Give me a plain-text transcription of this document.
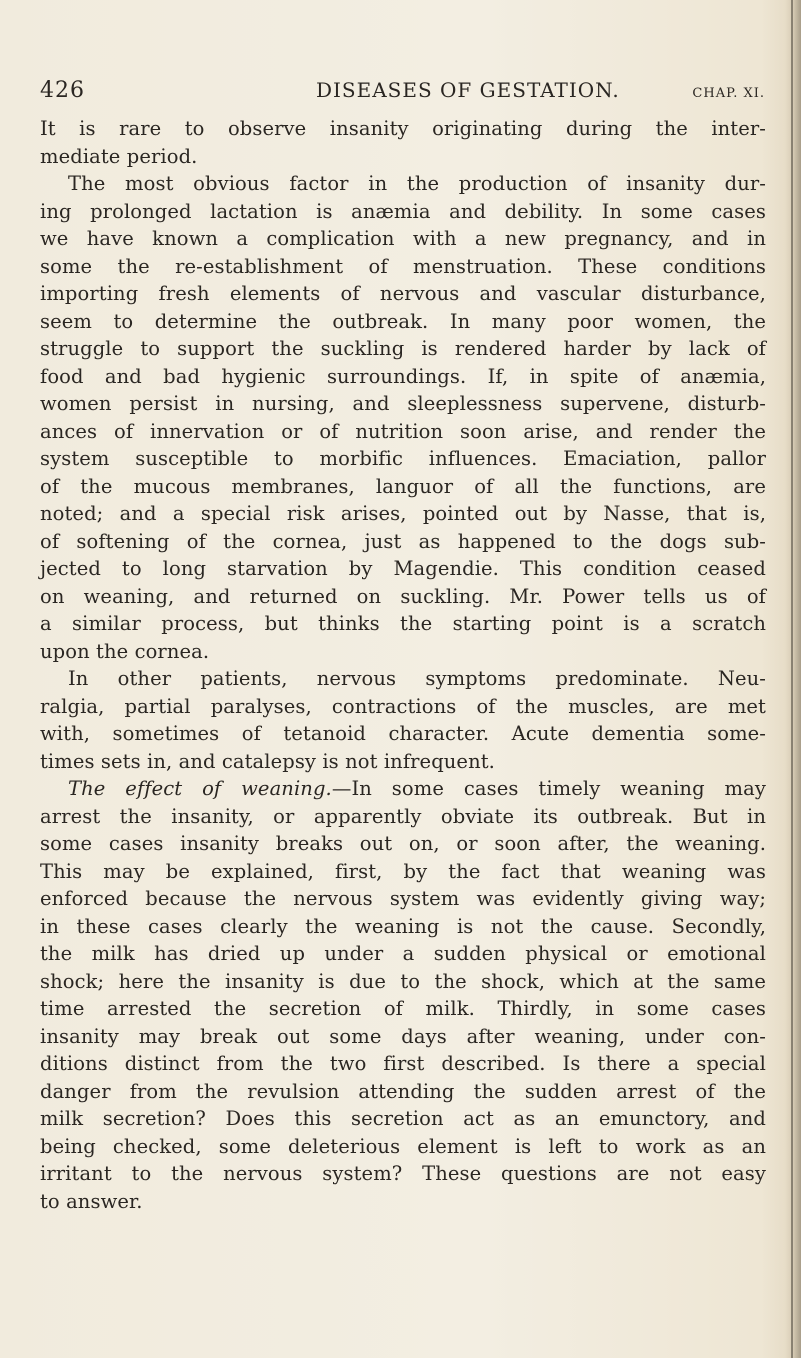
426	DISEASES OF GESTATION.	CHAP. XI.
It is rare to observe insanity originating during the inter-
mediate period.
The most obvious factor in the production of insanity dur-
ing prolonged lactation is anæmia and debility. In some cases
we have known a complication with a new pregnancy, and in
some the re-establishment of menstruation. These conditions
importing fresh elements of nervous and vascular disturbance,
seem to determine the outbreak. In many poor women, the
struggle to support the suckling is rendered harder by lack of
food and bad hygienic surroundings. If, in spite of anæmia,
women persist in nursing, and sleeplessness supervene, disturb-
ances of innervation or of nutrition soon arise, and render the
system susceptible to morbific influences. Emaciation, pallor
of the mucous membranes, languor of all the functions, are
noted; and a special risk arises, pointed out by Nasse, that is,
of softening of the cornea, just as happened to the dogs sub-
jected to long starvation by Magendie. This condition ceased
on weaning, and returned on suckling. Mr. Power tells us of
a similar process, but thinks the starting point is a scratch
upon the cornea.
In other patients, nervous symptoms predominate. Neu-
ralgia, partial paralyses, contractions of the muscles, are met
with, sometimes of tetanoid character. Acute dementia some-
times sets in, and catalepsy is not infrequent.
The effect of weaning.—In some cases timely weaning may
arrest the insanity, or apparently obviate its outbreak. But in
some cases insanity breaks out on, or soon after, the weaning.
This may be explained, first, by the fact that weaning was
enforced because the nervous system was evidently giving way;
in these cases clearly the weaning is not the cause. Secondly,
the milk has dried up under a sudden physical or emotional
shock; here the insanity is due to the shock, which at the same
time arrested the secretion of milk. Thirdly, in some cases
insanity may break out some days after weaning, under con-
ditions distinct from the two first described. Is there a special
danger from the revulsion attending the sudden arrest of the
milk secretion? Does this secretion act as an emunctory, and
being checked, some deleterious element is left to work as an
irritant to the nervous system? These questions are not easy
to answer.
